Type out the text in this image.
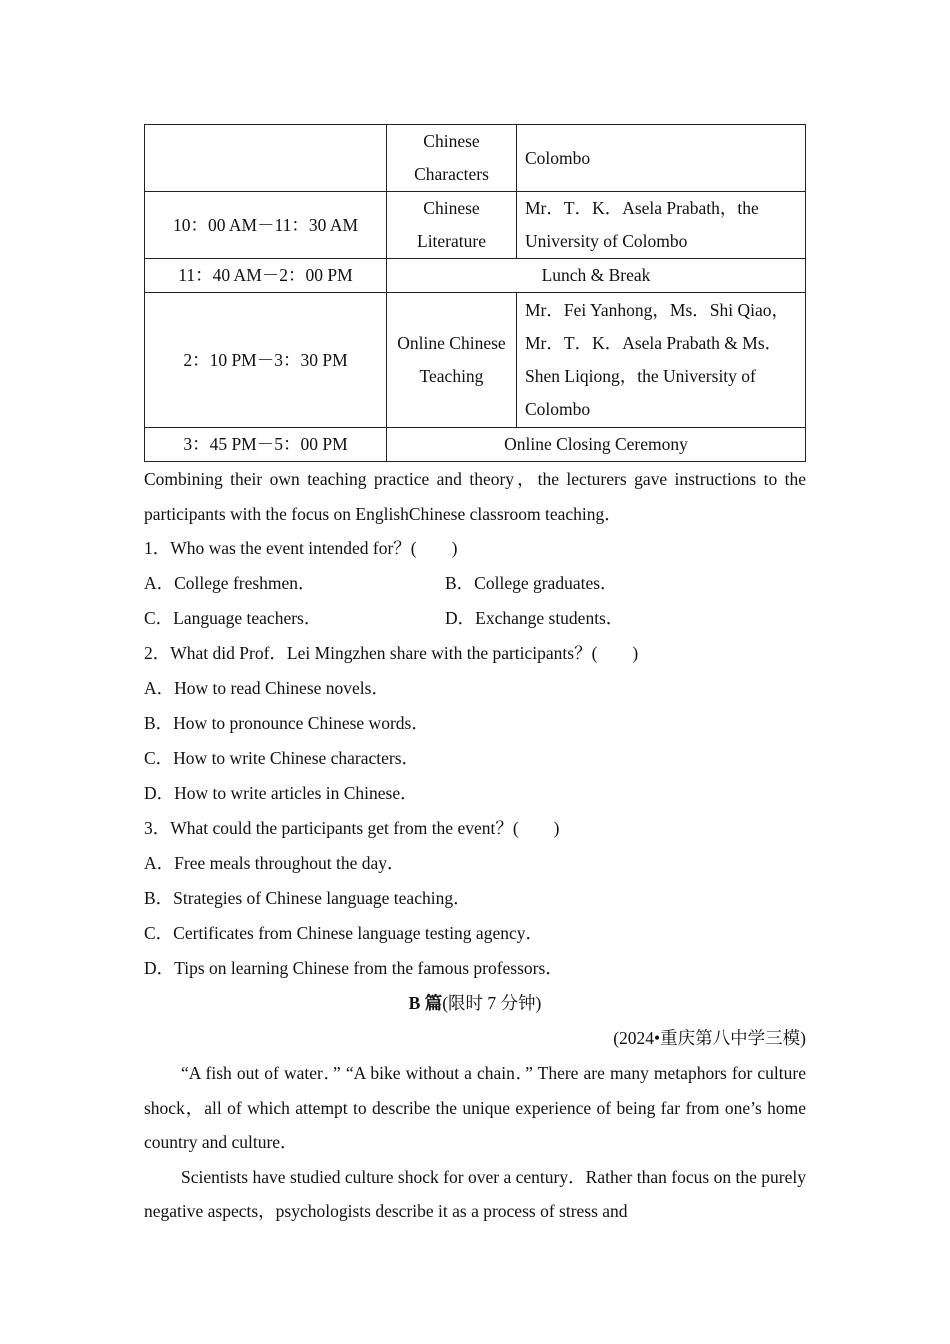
	Chinese Characters	Colombo
10：00 AM－11：30 AM	Chinese Literature	Mr．T．K．Asela Prabath，the University of Colombo
11：40 AM－2：00 PM	Lunch & Break	
2：10 PM－3：30 PM	Online Chinese Teaching	Mr．Fei Yanhong，Ms．Shi Qiao，Mr．T．K．Asela Prabath & Ms．Shen Liqiong，the University of Colombo
3：45 PM－5：00 PM	Online Closing Ceremony	

Combining their own teaching practice and theory，the lecturers gave instructions to the participants with the focus on EnglishChinese classroom teaching．

1．Who was the event intended for？(　　)

A．College freshmen．	B．College graduates．
C．Language teachers．	D．Exchange students．

2．What did Prof．Lei Mingzhen share with the participants？(　　)

A．How to read Chinese novels．

B．How to pronounce Chinese words．

C．How to write Chinese characters．

D．How to write articles in Chinese．

3．What could the participants get from the event？(　　)

A．Free meals throughout the day．

B．Strategies of Chinese language teaching．

C．Certificates from Chinese language testing agency．

D．Tips on learning Chinese from the famous professors．

B 篇(限时 7 分钟)

(2024•重庆第八中学三模)

“A fish out of water．” “A bike without a chain．” There are many metaphors for culture shock，all of which attempt to describe the unique experience of being far from one’s home country and culture．

Scientists have studied culture shock for over a century．Rather than focus on the purely negative aspects，psychologists describe it as a process of stress and
